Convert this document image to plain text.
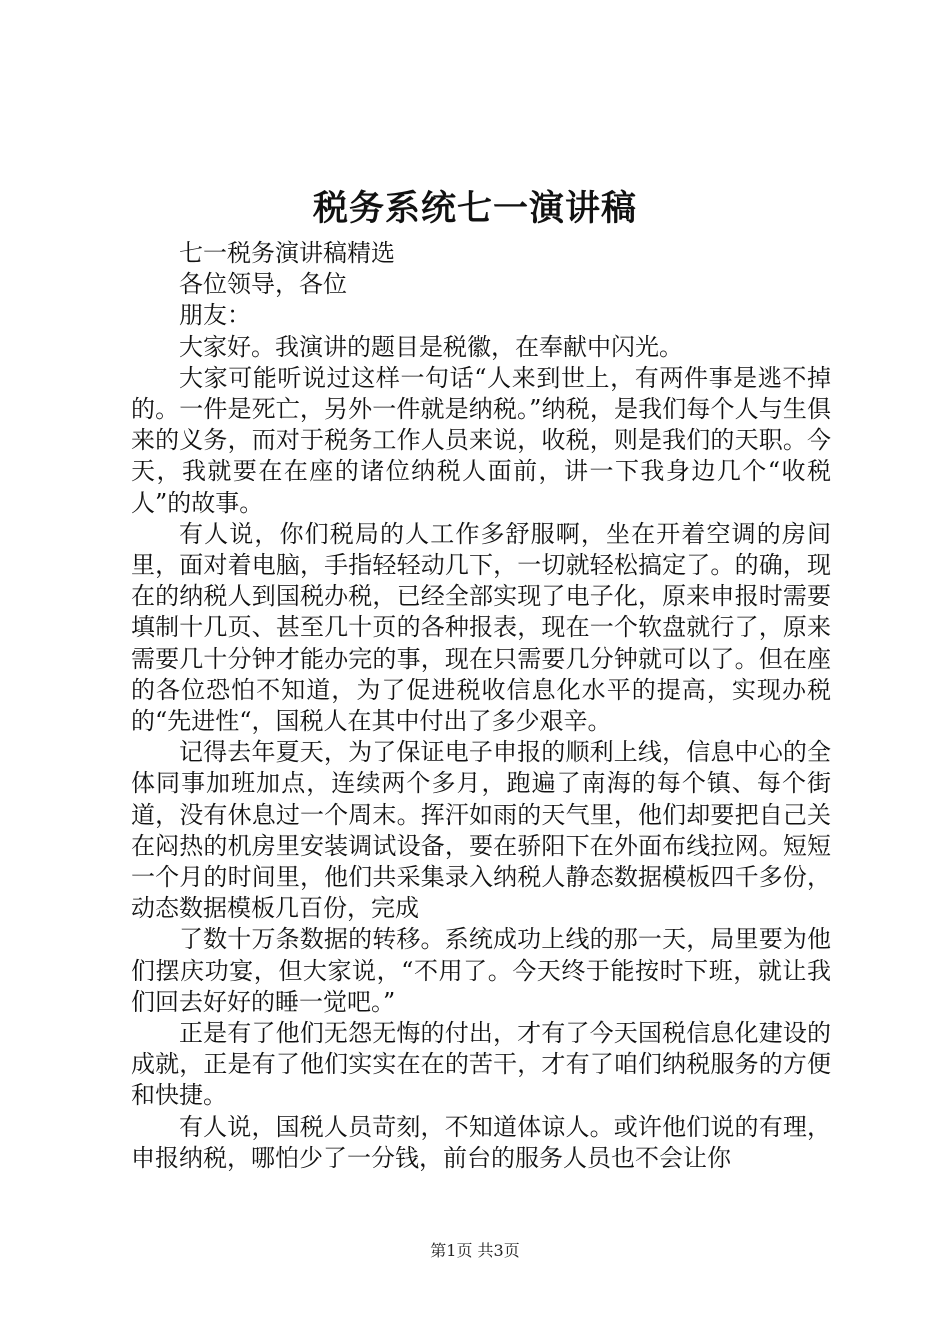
税务系统七一演讲稿

七一税务演讲稿精选

各位领导，各位

朋友：

大家好。我演讲的题目是税徽，在奉献中闪光。

大家可能听说过这样一句话“人来到世上，有两件事是逃不掉的。一件是死亡，另外一件就是纳税。”纳税，是我们每个人与生俱来的义务，而对于税务工作人员来说，收税，则是我们的天职。今天，我就要在在座的诸位纳税人面前，讲一下我身边几个“收税人”的故事。

有人说，你们税局的人工作多舒服啊，坐在开着空调的房间里，面对着电脑，手指轻轻动几下，一切就轻松搞定了。的确，现在的纳税人到国税办税，已经全部实现了电子化，原来申报时需要填制十几页、甚至几十页的各种报表，现在一个软盘就行了，原来需要几十分钟才能办完的事，现在只需要几分钟就可以了。但在座的各位恐怕不知道，为了促进税收信息化水平的提高，实现办税的“先进性“，国税人在其中付出了多少艰辛。

记得去年夏天，为了保证电子申报的顺利上线，信息中心的全体同事加班加点，连续两个多月，跑遍了南海的每个镇、每个街道，没有休息过一个周末。挥汗如雨的天气里，他们却要把自己关在闷热的机房里安装调试设备，要在骄阳下在外面布线拉网。短短一个月的时间里，他们共采集录入纳税人静态数据模板四千多份，动态数据模板几百份，完成

了数十万条数据的转移。系统成功上线的那一天，局里要为他们摆庆功宴，但大家说，“不用了。今天终于能按时下班，就让我们回去好好的睡一觉吧。”

正是有了他们无怨无悔的付出，才有了今天国税信息化建设的成就，正是有了他们实实在在的苦干，才有了咱们纳税服务的方便和快捷。

有人说，国税人员苛刻，不知道体谅人。或许他们说的有理，申报纳税，哪怕少了一分钱，前台的服务人员也不会让你

第1页 共3页
